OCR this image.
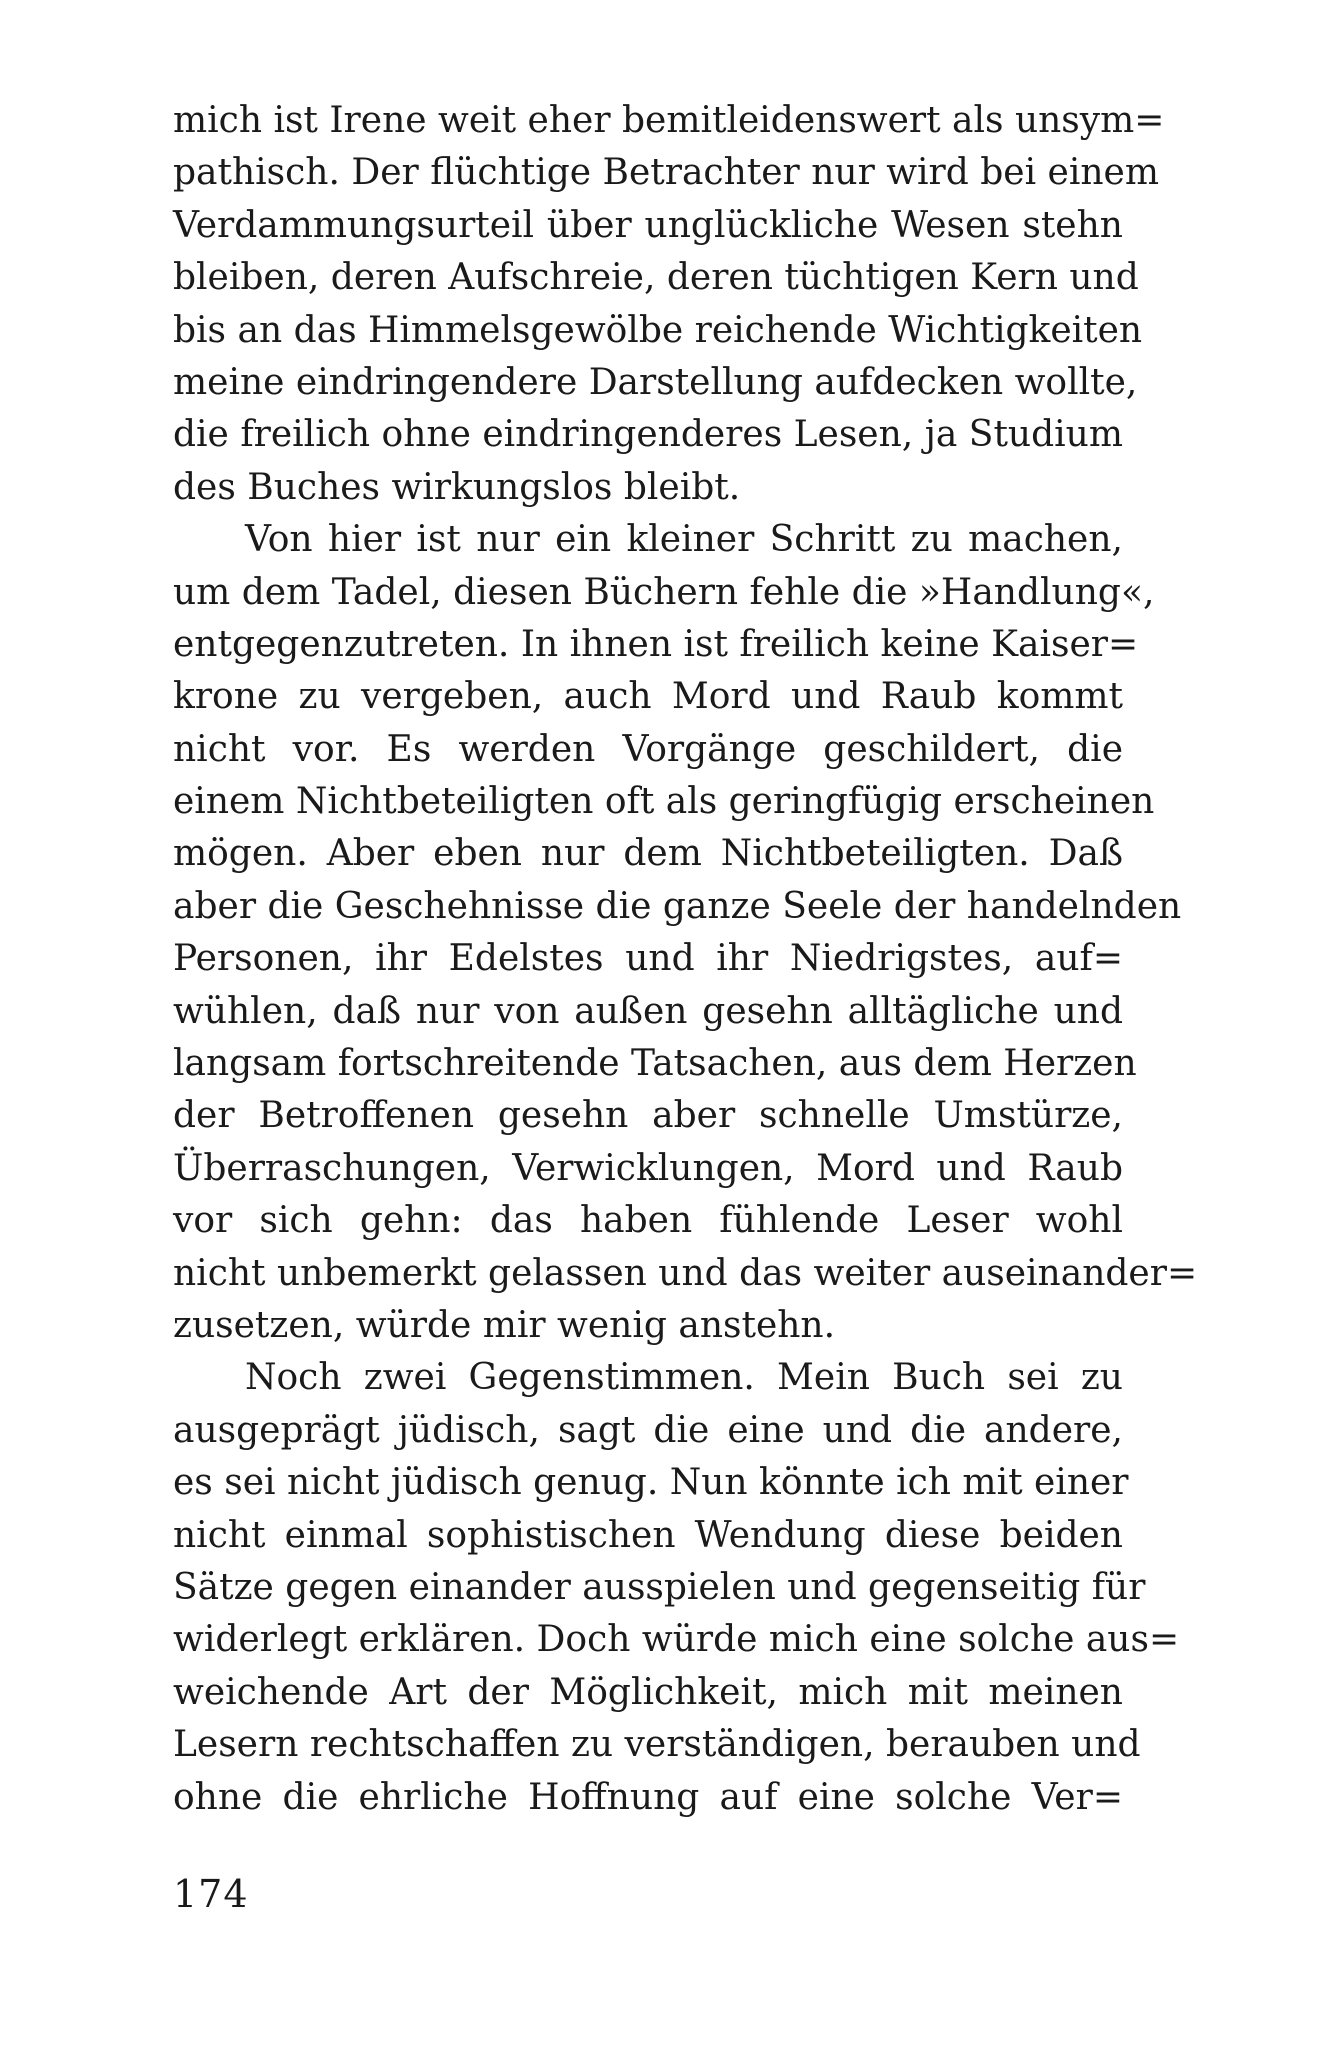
mich ist Irene weit eher bemitleidenswert als unsym=
pathisch. Der flüchtige Betrachter nur wird bei einem
Verdammungsurteil über unglückliche Wesen stehn
bleiben, deren Aufschreie, deren tüchtigen Kern und
bis an das Himmelsgewölbe reichende Wichtigkeiten
meine eindringendere Darstellung aufdecken wollte,
die freilich ohne eindringenderes Lesen, ja Studium
des Buches wirkungslos bleibt.
Von hier ist nur ein kleiner Schritt zu machen,
um dem Tadel, diesen Büchern fehle die »Handlung«,
entgegenzutreten. In ihnen ist freilich keine Kaiser=
krone zu vergeben, auch Mord und Raub kommt
nicht vor. Es werden Vorgänge geschildert, die
einem Nichtbeteiligten oft als geringfügig erscheinen
mögen. Aber eben nur dem Nichtbeteiligten. Daß
aber die Geschehnisse die ganze Seele der handelnden
Personen, ihr Edelstes und ihr Niedrigstes, auf=
wühlen, daß nur von außen gesehn alltägliche und
langsam fortschreitende Tatsachen, aus dem Herzen
der Betroffenen gesehn aber schnelle Umstürze,
Überraschungen, Verwicklungen, Mord und Raub
vor sich gehn: das haben fühlende Leser wohl
nicht unbemerkt gelassen und das weiter auseinander=
zusetzen, würde mir wenig anstehn.
Noch zwei Gegenstimmen. Mein Buch sei zu
ausgeprägt jüdisch, sagt die eine und die andere,
es sei nicht jüdisch genug. Nun könnte ich mit einer
nicht einmal sophistischen Wendung diese beiden
Sätze gegen einander ausspielen und gegenseitig für
widerlegt erklären. Doch würde mich eine solche aus=
weichende Art der Möglichkeit, mich mit meinen
Lesern rechtschaffen zu verständigen, berauben und
ohne die ehrliche Hoffnung auf eine solche Ver=
174
